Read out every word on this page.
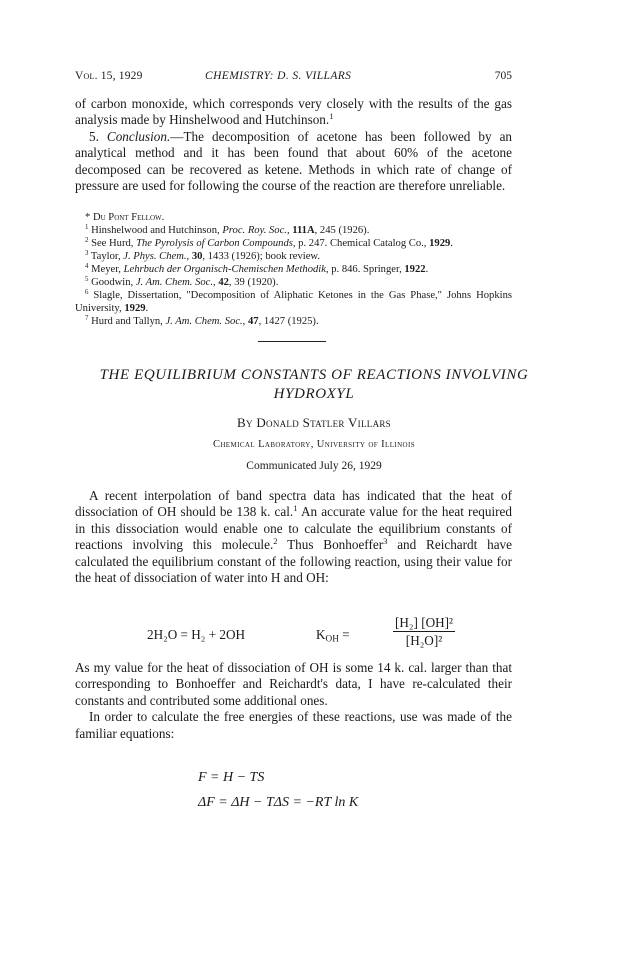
Vol. 15, 1929	CHEMISTRY: D. S. VILLARS	705

of carbon monoxide, which corresponds very closely with the results of the gas analysis made by Hinshelwood and Hutchinson.$^1$

5. Conclusion.—The decomposition of acetone has been followed by an analytical method and it has been found that about 60% of the acetone decomposed can be recovered as ketene. Methods in which rate of change of pressure are used for following the course of the reaction are therefore unreliable.

* Du Pont Fellow.
$^1$ Hinshelwood and Hutchinson, Proc. Roy. Soc., 111A, 245 (1926).
$^2$ See Hurd, The Pyrolysis of Carbon Compounds, p. 247. Chemical Catalog Co., 1929.
$^3$ Taylor, J. Phys. Chem., 30, 1433 (1926); book review.
$^4$ Meyer, Lehrbuch der Organisch-Chemischen Methodik, p. 846. Springer, 1922.
$^5$ Goodwin, J. Am. Chem. Soc., 42, 39 (1920).
$^6$ Slagle, Dissertation, "Decomposition of Aliphatic Ketones in the Gas Phase," Johns Hopkins University, 1929.
$^7$ Hurd and Tallyn, J. Am. Chem. Soc., 47, 1427 (1925).
THE EQUILIBRIUM CONSTANTS OF REACTIONS INVOLVING
HYDROXYL
By Donald Statler Villars
Chemical Laboratory, University of Illinois
Communicated July 26, 1929

A recent interpolation of band spectra data has indicated that the heat of dissociation of OH should be 138 k. cal.$^1$ An accurate value for the heat required in this dissociation would enable one to calculate the equilibrium constants of reactions involving this molecule.$^2$ Thus Bonhoeffer$^3$ and Reichardt have calculated the equilibrium constant of the following reaction, using their value for the heat of dissociation of water into H and OH:

2H₂O = H₂ + 2OH	$K_{OH}$ =	$\frac{\text{[H₂] [OH]²}}{\text{[H₂O]²}}$

As my value for the heat of dissociation of OH is some 14 k. cal. larger than that corresponding to Bonhoeffer and Reichardt's data, I have re-calculated their constants and contributed some additional ones.

In order to calculate the free energies of these reactions, use was made of the familiar equations:

F = H − TS
ΔF = ΔH − TΔS = −RT ln K
